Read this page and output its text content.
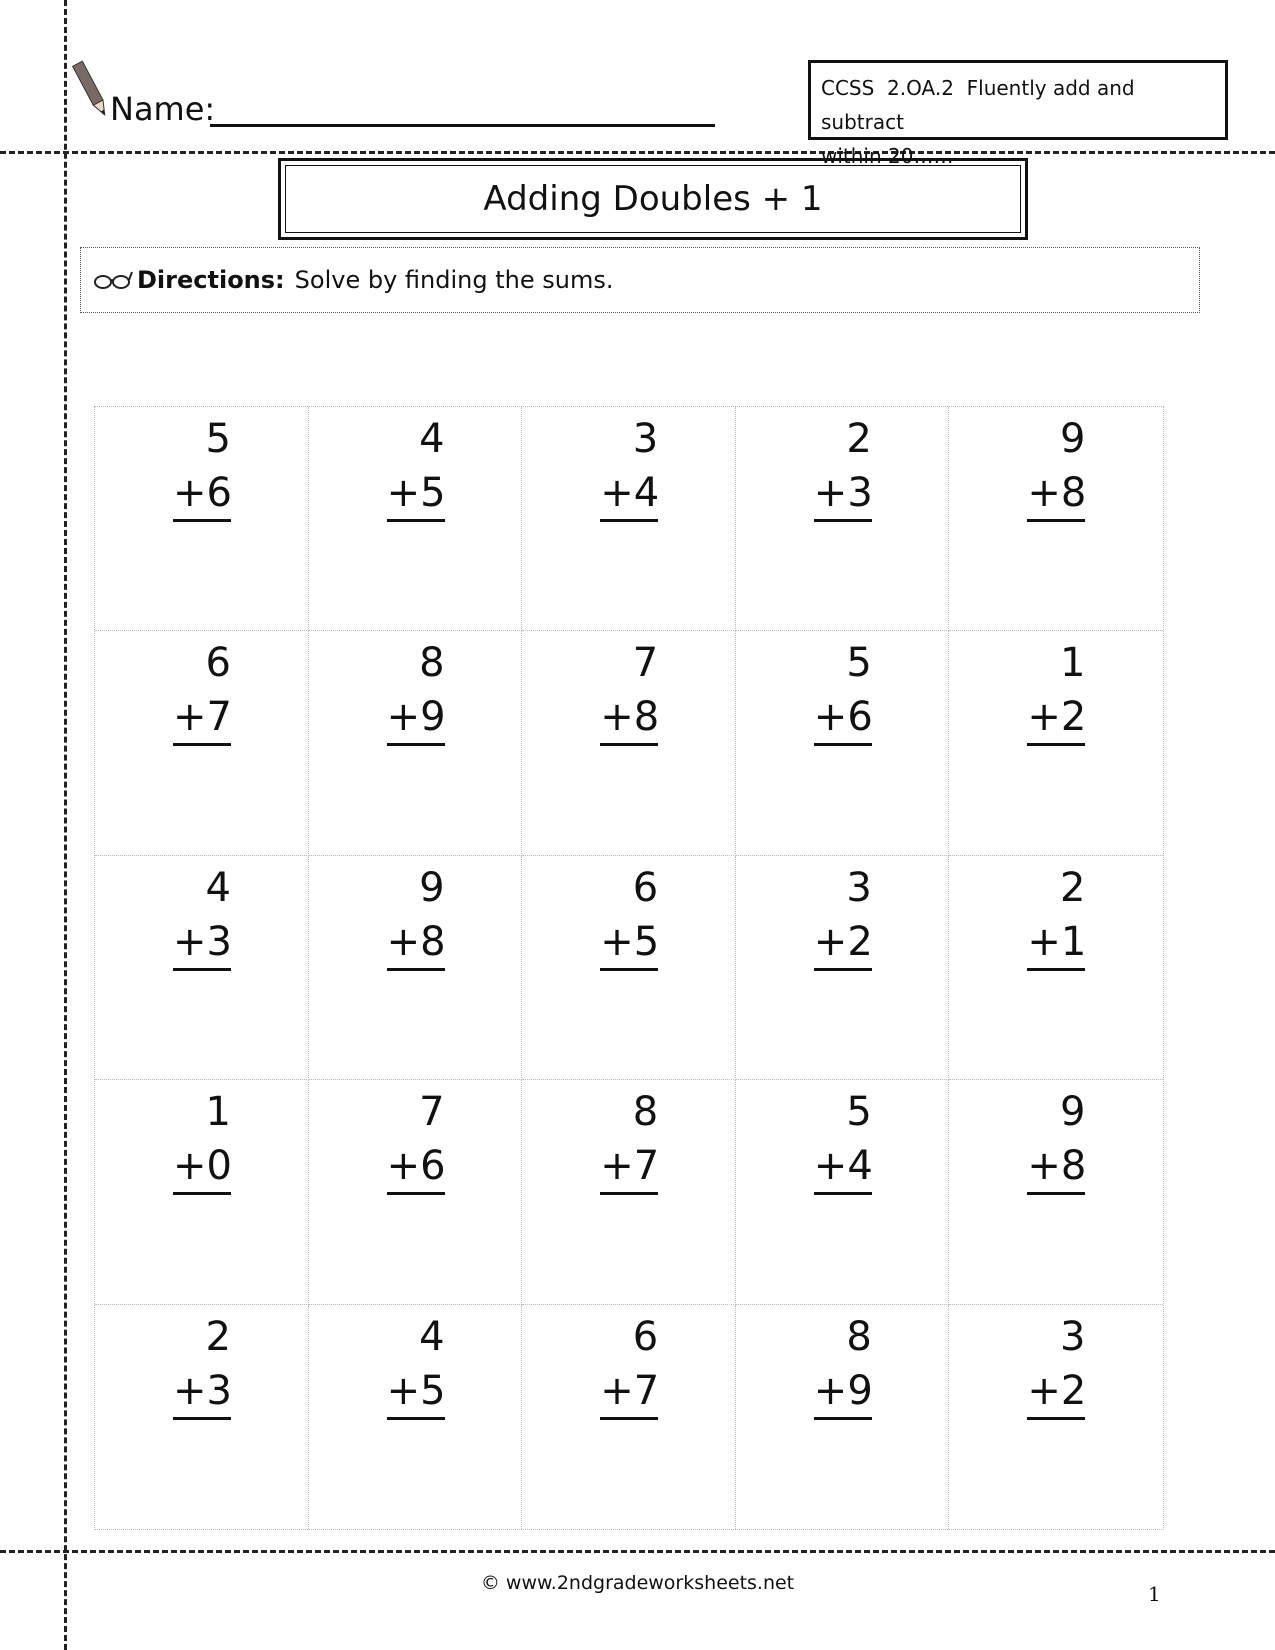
Name:
CCSS  2.OA.2  Fluently add and subtract
within 20……
Adding Doubles + 1
Directions: Solve by finding the sums.
5
+6
4
+5
3
+4
2
+3
9
+8
6
+7
8
+9
7
+8
5
+6
1
+2
4
+3
9
+8
6
+5
3
+2
2
+1
1
+0
7
+6
8
+7
5
+4
9
+8
2
+3
4
+5
6
+7
8
+9
3
+2
© www.2ndgradeworksheets.net	1
